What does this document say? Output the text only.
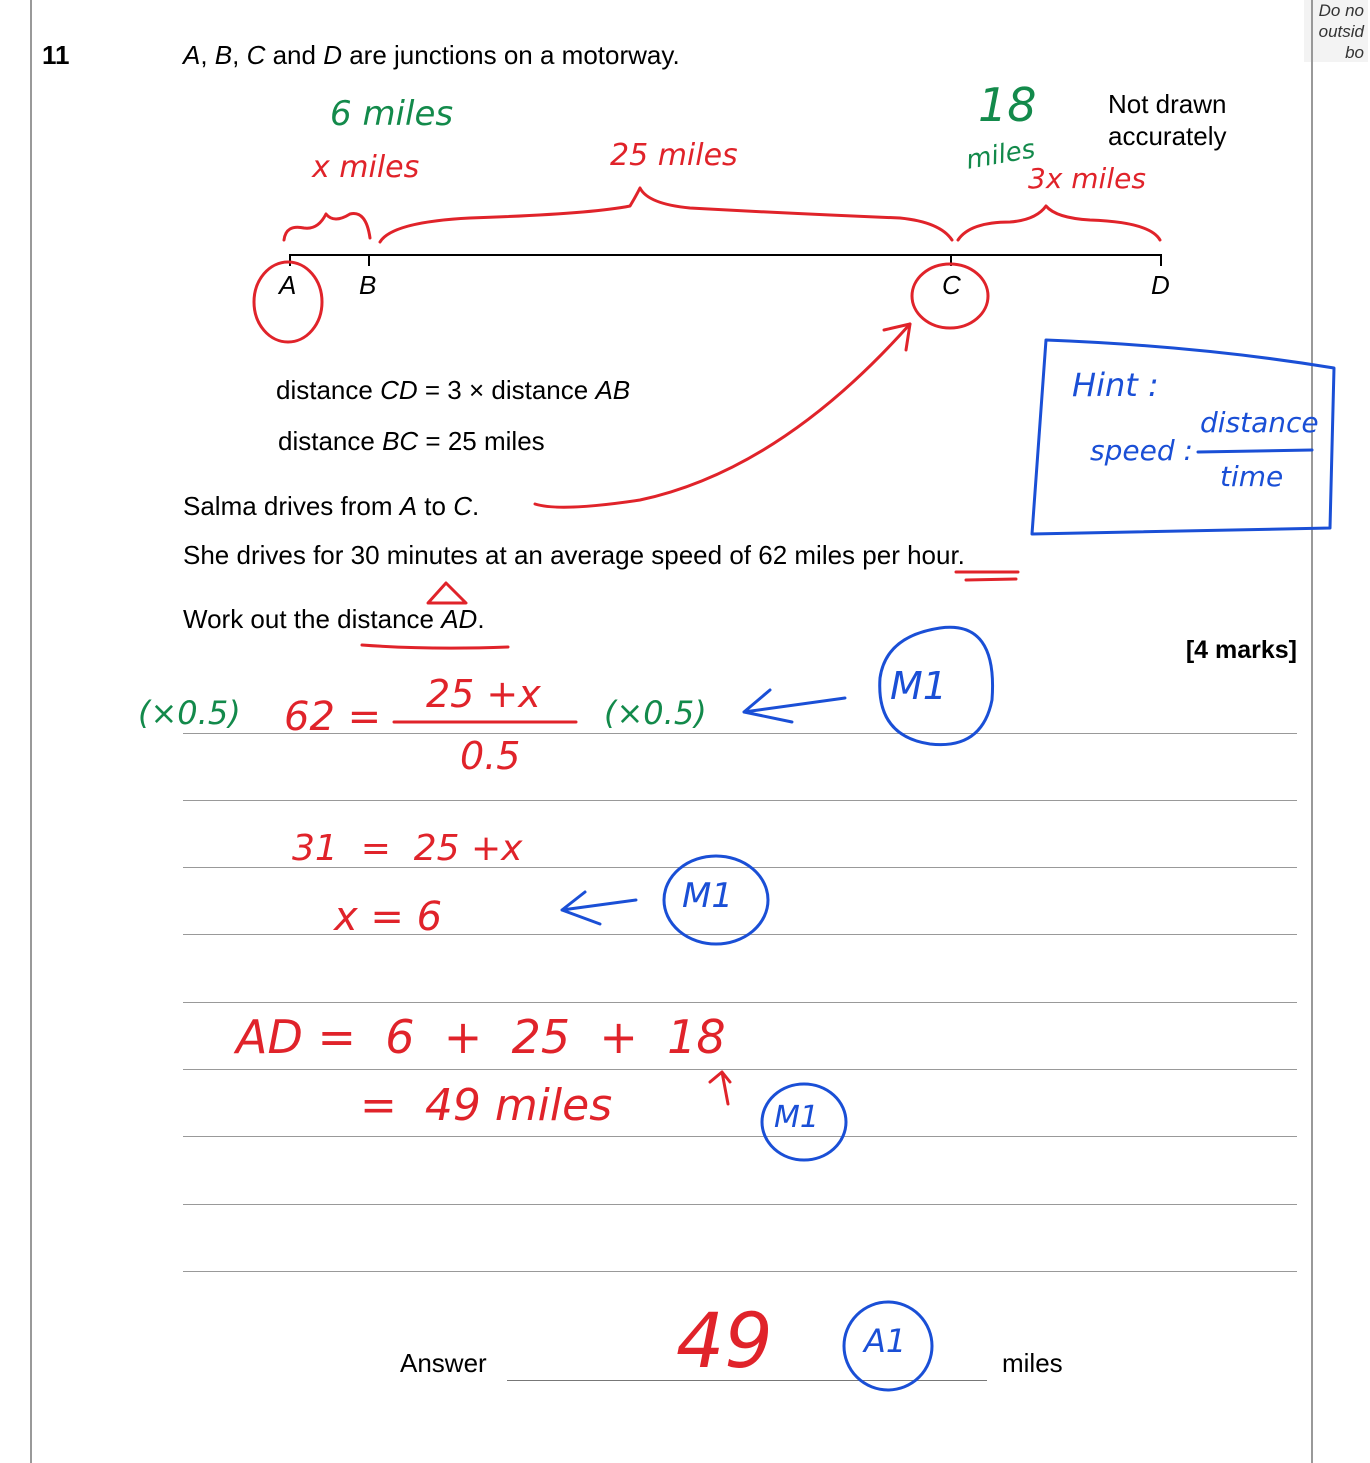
Do no
outsid
bo
11	A, B, C and D are junctions on a motorway.
Not drawn
accurately
A B	C	D
distance CD = 3 × distance AB
distance BC = 25 miles
Salma drives from A to C.
She drives for 30 minutes at an average speed of 62 miles per hour.
Work out the distance AD.
[4 marks]
Answer	miles
6 miles
x miles	25 miles
18
miles
3x miles
Hint :
speed :
distance
time
(×0.5) 62 = 25 +x
0.5
(×0.5)
M1
31  =  25 +x
x = 6	M1
AD =  6  +  25  +  18
=  49 miles	M1
49	A1
